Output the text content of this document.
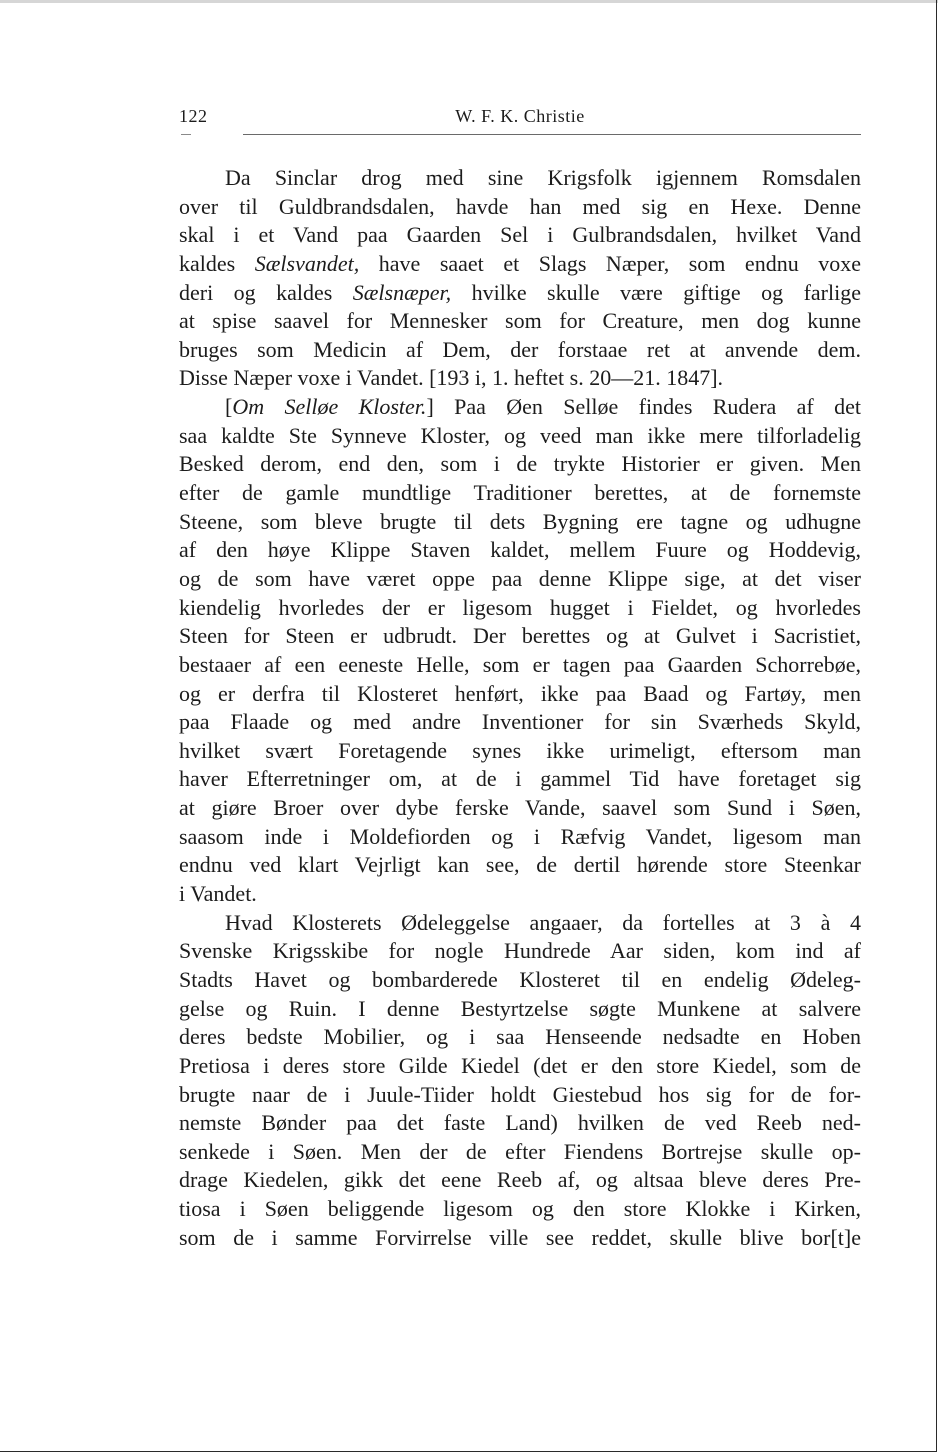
122	W. F. K. Christie
Da Sinclar drog med sine Krigsfolk igjennem Romsdalen
over til Guldbrandsdalen, havde han med sig en Hexe. Denne
skal i et Vand paa Gaarden Sel i Gulbrandsdalen, hvilket Vand
kaldes Sælsvandet, have saaet et Slags Næper, som endnu voxe
deri og kaldes Sælsnæper, hvilke skulle være giftige og farlige
at spise saavel for Mennesker som for Creature, men dog kunne
bruges som Medicin af Dem, der forstaae ret at anvende dem.
Disse Næper voxe i Vandet. [193 i, 1. heftet s. 20—21. 1847].
[Om Selløe Kloster.] Paa Øen Selløe findes Rudera af det
saa kaldte Ste Synneve Kloster, og veed man ikke mere tilforladelig
Besked derom, end den, som i de trykte Historier er given. Men
efter de gamle mundtlige Traditioner berettes, at de fornemste
Steene, som bleve brugte til dets Bygning ere tagne og udhugne
af den høye Klippe Staven kaldet, mellem Fuure og Hoddevig,
og de som have været oppe paa denne Klippe sige, at det viser
kiendelig hvorledes der er ligesom hugget i Fieldet, og hvorledes
Steen for Steen er udbrudt. Der berettes og at Gulvet i Sacristiet,
bestaaer af een eeneste Helle, som er tagen paa Gaarden Schorrebøe,
og er derfra til Klosteret henført, ikke paa Baad og Fartøy, men
paa Flaade og med andre Inventioner for sin Sværheds Skyld,
hvilket svært Foretagende synes ikke urimeligt, eftersom man
haver Efterretninger om, at de i gammel Tid have foretaget sig
at giøre Broer over dybe ferske Vande, saavel som Sund i Søen,
saasom inde i Moldefiorden og i Ræfvig Vandet, ligesom man
endnu ved klart Vejrligt kan see, de dertil hørende store Steenkar
i Vandet.
Hvad Klosterets Ødeleggelse angaaer, da fortelles at 3 à 4
Svenske Krigsskibe for nogle Hundrede Aar siden, kom ind af
Stadts Havet og bombarderede Klosteret til en endelig Ødeleg-
gelse og Ruin. I denne Bestyrtzelse søgte Munkene at salvere
deres bedste Mobilier, og i saa Henseende nedsadte en Hoben
Pretiosa i deres store Gilde Kiedel (det er den store Kiedel, som de
brugte naar de i Juule-Tiider holdt Giestebud hos sig for de for-
nemste Bønder paa det faste Land) hvilken de ved Reeb ned-
senkede i Søen. Men der de efter Fiendens Bortrejse skulle op-
drage Kiedelen, gikk det eene Reeb af, og altsaa bleve deres Pre-
tiosa i Søen beliggende ligesom og den store Klokke i Kirken,
som de i samme Forvirrelse ville see reddet, skulle blive bor[t]e
